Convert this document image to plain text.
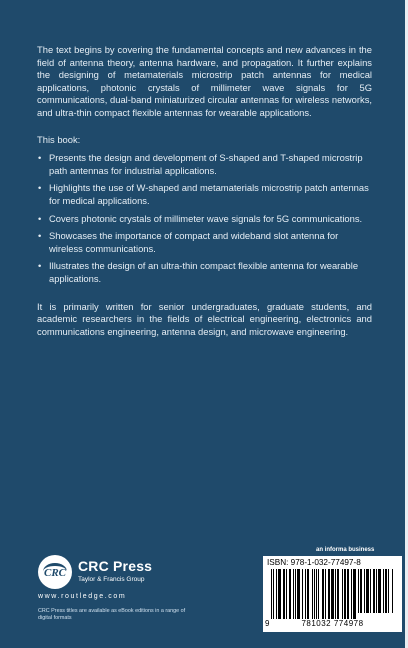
The text begins by covering the fundamental concepts and new advances in the field of antenna theory, antenna hardware, and propagation. It further explains the designing of metamaterials microstrip patch antennas for medical applications, photonic crystals of millimeter wave signals for 5G communications, dual-band miniaturized circular antennas for wireless networks, and ultra-thin compact flexible antennas for wearable applications.

This book:

• Presents the design and development of S-shaped and T-shaped microstrip path antennas for industrial applications.
• Highlights the use of W-shaped and metamaterials microstrip patch antennas for medical applications.
• Covers photonic crystals of millimeter wave signals for 5G communications.
• Showcases the importance of compact and wideband slot antenna for wireless communications.
• Illustrates the design of an ultra-thin compact flexible antenna for wearable applications.

It is primarily written for senior undergraduates, graduate students, and academic researchers in the fields of electrical engineering, electronics and communications engineering, antenna design, and microwave engineering.

CRC CRC Press
Taylor & Francis Group
www.routledge.com
CRC Press titles are available as eBook editions in a range of digital formats
an informa business
ISBN: 978-1-032-77497-8
9	781032 774978
